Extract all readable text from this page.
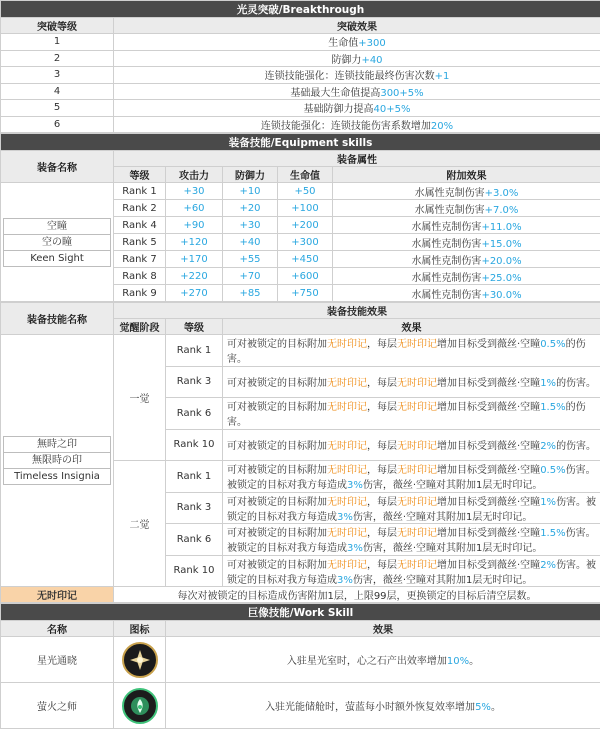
光灵突破/Breakthrough	
突破等级	突破效果
1	生命值+300
2	防御力+40
3	连锁技能强化：连锁技能最终伤害次数+1
4	基础最大生命值提高300+5%
5	基础防御力提高40+5%
6	连锁技能强化：连锁技能伤害系数增加20%
装备技能/Equipment skills					
装备名称	装备属性				
	等级	攻击力	防御力	生命值	附加效果

空瞳
空の瞳
Keen Sight	Rank 1	+30	+10	+50	水属性克制伤害+3.0%
	Rank 2	+60	+20	+100	水属性克制伤害+7.0%
	Rank 4	+90	+30	+200	水属性克制伤害+11.0%
	Rank 5	+120	+40	+300	水属性克制伤害+15.0%
	Rank 7	+170	+55	+450	水属性克制伤害+20.0%
	Rank 8	+220	+70	+600	水属性克制伤害+25.0%
	Rank 9	+270	+85	+750	水属性克制伤害+30.0%
装备技能名称	装备技能效果		
	觉醒阶段	等级	效果

無時之印
無限時の印
Timeless Insignia	一觉	Rank 1	可对被锁定的目标附加无时印记，每层无时印记增加目标受到薇丝·空瞳0.5%的伤害。
		Rank 3	可对被锁定的目标附加无时印记，每层无时印记增加目标受到薇丝·空瞳1%的伤害。
		Rank 6	可对被锁定的目标附加无时印记，每层无时印记增加目标受到薇丝·空瞳1.5%的伤害。
		Rank 10	可对被锁定的目标附加无时印记，每层无时印记增加目标受到薇丝·空瞳2%的伤害。
	二觉	Rank 1	可对被锁定的目标附加无时印记，每层无时印记增加目标受到薇丝·空瞳0.5%伤害。被锁定的目标对我方每造成3%伤害，薇丝·空瞳对其附加1层无时印记。
		Rank 3	可对被锁定的目标附加无时印记，每层无时印记增加目标受到薇丝·空瞳1%伤害。被锁定的目标对我方每造成3%伤害，薇丝·空瞳对其附加1层无时印记。
		Rank 6	可对被锁定的目标附加无时印记，每层无时印记增加目标受到薇丝·空瞳1.5%伤害。被锁定的目标对我方每造成3%伤害，薇丝·空瞳对其附加1层无时印记。
		Rank 10	可对被锁定的目标附加无时印记，每层无时印记增加目标受到薇丝·空瞳2%伤害。被锁定的目标对我方每造成3%伤害，薇丝·空瞳对其附加1层无时印记。
无时印记	每次对被锁定的目标造成伤害附加1层，上限99层，更换锁定的目标后清空层数。		
巨像技能/Work Skill		
名称	图标	效果
星光通晓		入驻星光室时，心之石产出效率增加10%。
萤火之师		入驻光能储舱时，萤蓝每小时额外恢复效率增加5%。
